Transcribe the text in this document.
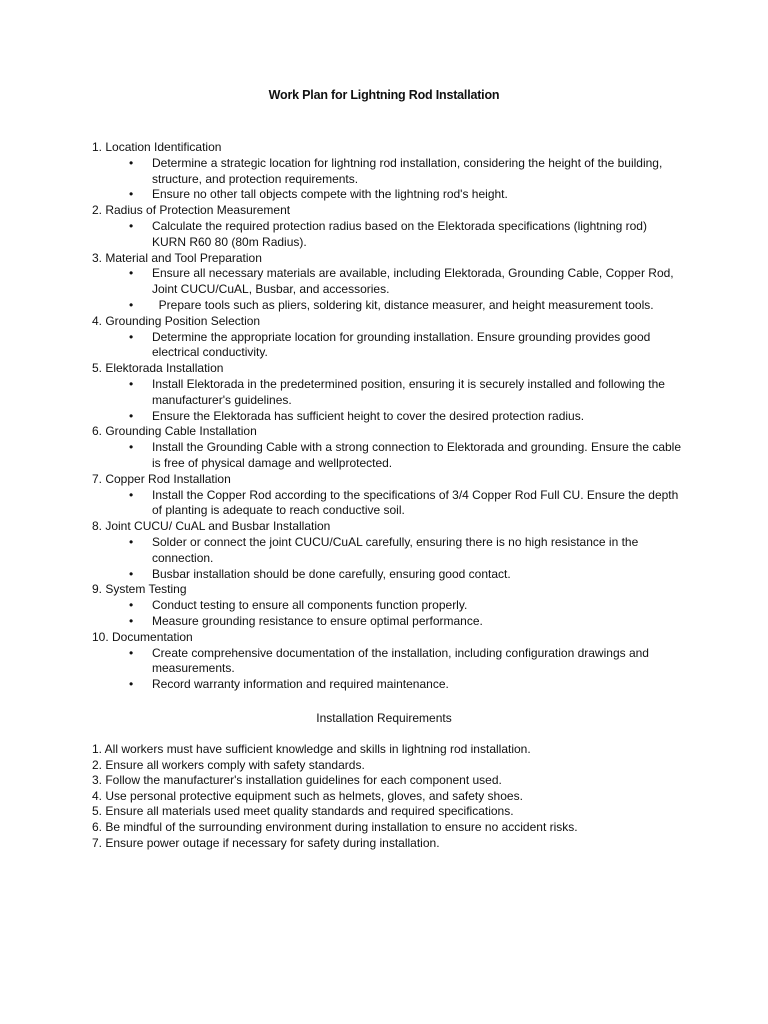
Work Plan for Lightning Rod Installation

1. Location Identification

• Determine a strategic location for lightning rod installation, considering the height of the building, structure, and protection requirements.
• Ensure no other tall objects compete with the lightning rod's height.

2. Radius of Protection Measurement

• Calculate the required protection radius based on the Elektorada specifications (lightning rod) KURN R60 80 (80m Radius).

3. Material and Tool Preparation

• Ensure all necessary materials are available, including Elektorada, Grounding Cable, Copper Rod, Joint CUCU/CuAL, Busbar, and accessories.
• Prepare tools such as pliers, soldering kit, distance measurer, and height measurement tools.

4. Grounding Position Selection

• Determine the appropriate location for grounding installation. Ensure grounding provides good electrical conductivity.

5. Elektorada Installation

• Install Elektorada in the predetermined position, ensuring it is securely installed and following the manufacturer's guidelines.
• Ensure the Elektorada has sufficient height to cover the desired protection radius.

6. Grounding Cable Installation

• Install the Grounding Cable with a strong connection to Elektorada and grounding. Ensure the cable is free of physical damage and wellprotected.

7. Copper Rod Installation

• Install the Copper Rod according to the specifications of 3/4 Copper Rod Full CU. Ensure the depth of planting is adequate to reach conductive soil.

8. Joint CUCU/ CuAL and Busbar Installation

• Solder or connect the joint CUCU/CuAL carefully, ensuring there is no high resistance in the connection.
• Busbar installation should be done carefully, ensuring good contact.

9. System Testing

• Conduct testing to ensure all components function properly.
• Measure grounding resistance to ensure optimal performance.

10. Documentation

• Create comprehensive documentation of the installation, including configuration drawings and measurements.
• Record warranty information and required maintenance.
Installation Requirements

1. All workers must have sufficient knowledge and skills in lightning rod installation.

2. Ensure all workers comply with safety standards.

3. Follow the manufacturer's installation guidelines for each component used.

4. Use personal protective equipment such as helmets, gloves, and safety shoes.

5. Ensure all materials used meet quality standards and required specifications.

6. Be mindful of the surrounding environment during installation to ensure no accident risks.

7. Ensure power outage if necessary for safety during installation.
